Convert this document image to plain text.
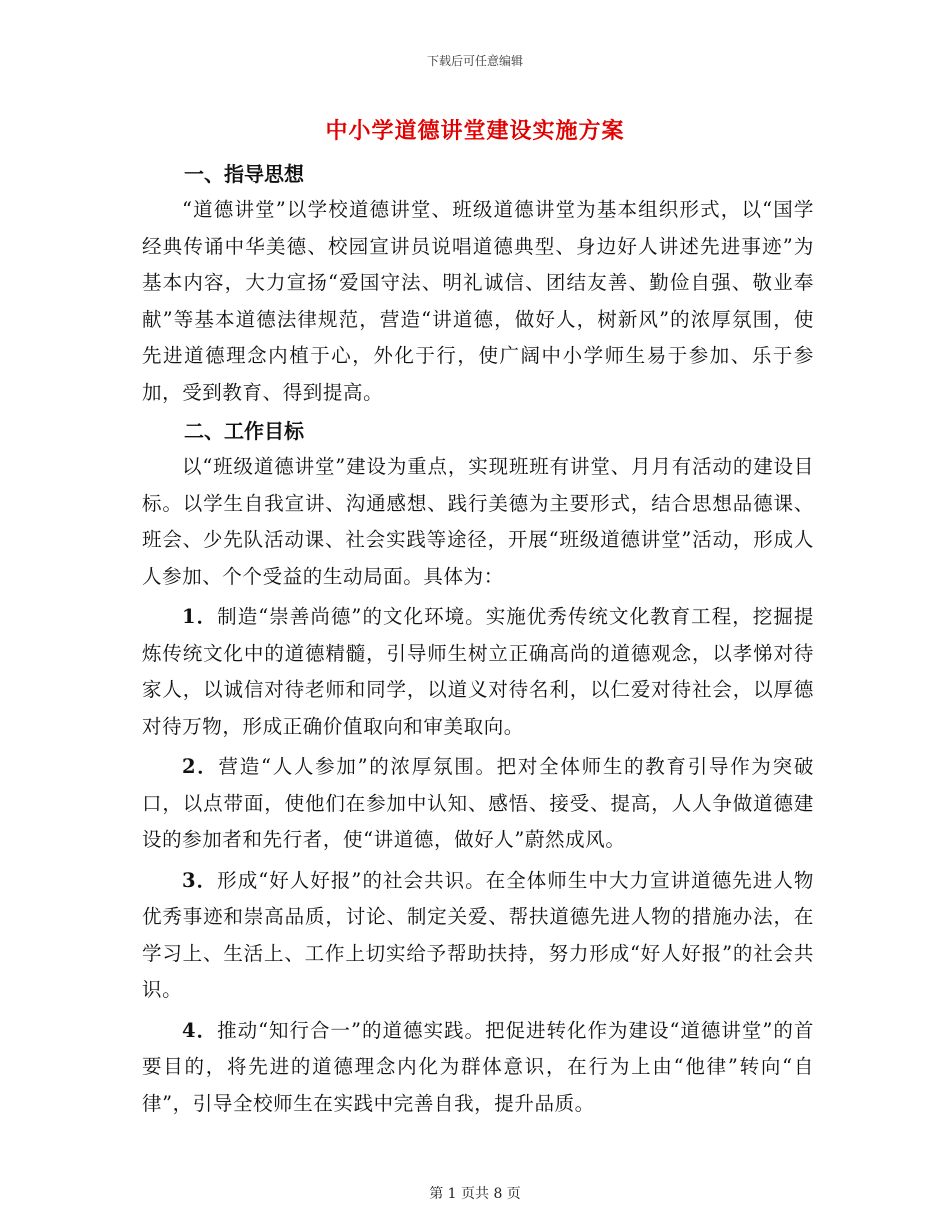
下载后可任意编辑
中小学道德讲堂建设实施方案
一、指导思想

“道德讲堂”以学校道德讲堂、班级道德讲堂为基本组织形式，以“国学经典传诵中华美德、校园宣讲员说唱道德典型、身边好人讲述先进事迹”为基本内容，大力宣扬“爱国守法、明礼诚信、团结友善、勤俭自强、敬业奉献”等基本道德法律规范，营造“讲道德，做好人，树新风”的浓厚氛围，使先进道德理念内植于心，外化于行，使广阔中小学师生易于参加、乐于参加，受到教育、得到提高。

二、工作目标

以“班级道德讲堂”建设为重点，实现班班有讲堂、月月有活动的建设目标。以学生自我宣讲、沟通感想、践行美德为主要形式，结合思想品德课、班会、少先队活动课、社会实践等途径，开展“班级道德讲堂”活动，形成人人参加、个个受益的生动局面。具体为：

1．制造“崇善尚德”的文化环境。实施优秀传统文化教育工程，挖掘提炼传统文化中的道德精髓，引导师生树立正确高尚的道德观念，以孝悌对待家人，以诚信对待老师和同学，以道义对待名利，以仁爱对待社会，以厚德对待万物，形成正确价值取向和审美取向。

2．营造“人人参加”的浓厚氛围。把对全体师生的教育引导作为突破口，以点带面，使他们在参加中认知、感悟、接受、提高，人人争做道德建设的参加者和先行者，使“讲道德，做好人”蔚然成风。

3．形成“好人好报”的社会共识。在全体师生中大力宣讲道德先进人物优秀事迹和崇高品质，讨论、制定关爱、帮扶道德先进人物的措施办法，在学习上、生活上、工作上切实给予帮助扶持，努力形成“好人好报”的社会共识。

4．推动“知行合一”的道德实践。把促进转化作为建设“道德讲堂”的首要目的，将先进的道德理念内化为群体意识，在行为上由“他律”转向“自律”，引导全校师生在实践中完善自我，提升品质。

第 1 页共 8 页
